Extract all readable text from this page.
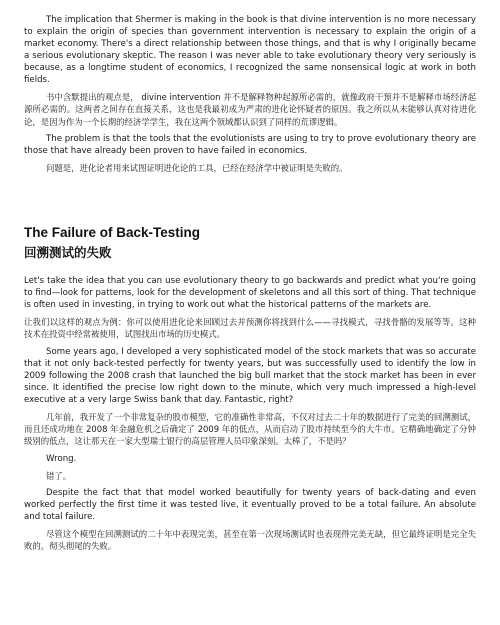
The implication that Shermer is making in the book is that divine intervention is no more necessary to explain the origin of species than government intervention is necessary to explain the origin of a market economy. There's a direct relationship between those things, and that is why I originally became a serious evolutionary skeptic. The reason I was never able to take evolutionary theory very seriously is because, as a longtime student of economics, I recognized the same nonsensical logic at work in both fields.

书中含默提出的观点是， divine intervention 并不是解释物种起源所必需的，就像政府干预并不是解释市场经济起源所必需的。这两者之间存在直接关系，这也是我最初成为严肃的进化论怀疑者的原因。我之所以从未能够认真对待进化论，是因为作为一个长期的经济学学生，我在这两个领域都认识到了同样的荒谬逻辑。

The problem is that the tools that the evolutionists are using to try to prove evolutionary theory are those that have already been proven to have failed in economics.

问题是，进化论者用来试图证明进化论的工具，已经在经济学中被证明是失败的。

The Failure of Back-Testing
回溯测试的失败

Let's take the idea that you can use evolutionary theory to go backwards and predict what you're going to find—look for patterns, look for the development of skeletons and all this sort of thing. That technique is often used in investing, in trying to work out what the historical patterns of the markets are.

让我们以这样的观点为例：你可以使用进化论来回顾过去并预测你将找到什么——寻找模式，寻找骨骼的发展等等。这种技术在投资中经常被使用，试图找出市场的历史模式。

Some years ago, I developed a very sophisticated model of the stock markets that was so accurate that it not only back-tested perfectly for twenty years, but was successfully used to identify the low in 2009 following the 2008 crash that launched the big bull market that the stock market has been in ever since. It identified the precise low right down to the minute, which very much impressed a high-level executive at a very large Swiss bank that day. Fantastic, right?

几年前，我开发了一个非常复杂的股市模型，它的准确性非常高，不仅对过去二十年的数据进行了完美的回溯测试，而且还成功地在 2008 年金融危机之后确定了 2009 年的低点，从而启动了股市持续至今的大牛市。它精确地确定了分钟级别的低点，这让那天在一家大型瑞士银行的高层管理人员印象深刻。太棒了，不是吗？

Wrong.

错了。

Despite the fact that that model worked beautifully for twenty years of back-dating and even worked perfectly the first time it was tested live, it eventually proved to be a total failure. An absolute and total failure.

尽管这个模型在回溯测试的二十年中表现完美，甚至在第一次现场测试时也表现得完美无缺，但它最终证明是完全失败的。彻头彻尾的失败。
